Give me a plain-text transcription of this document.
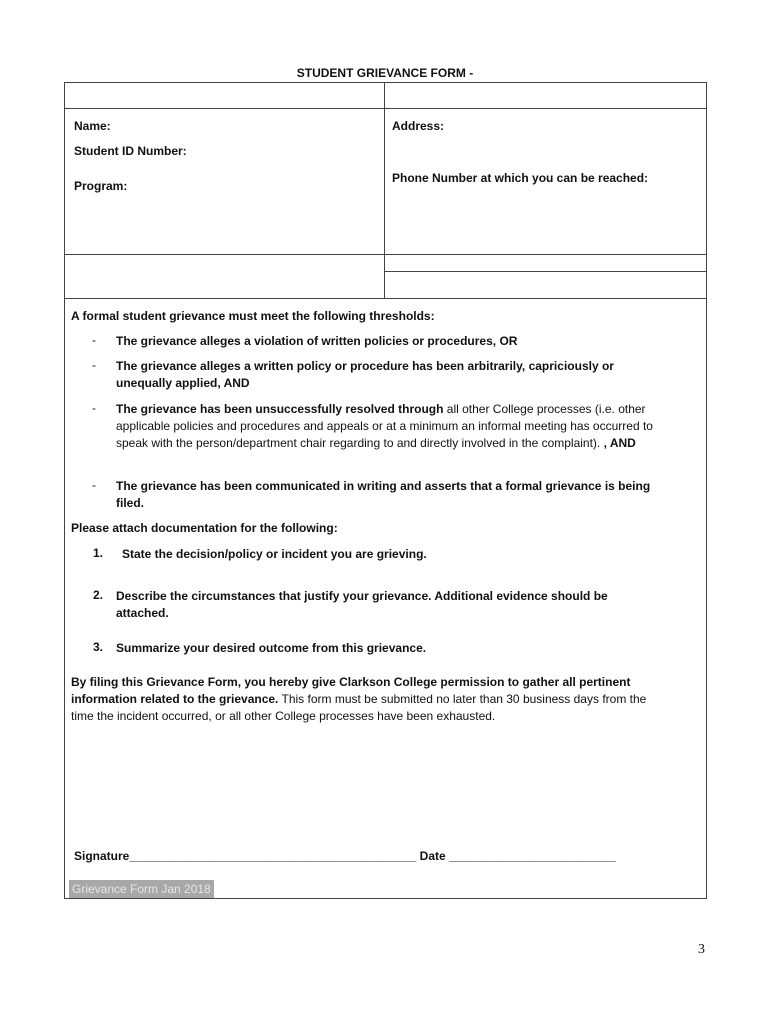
STUDENT GRIEVANCE FORM -
Name:
Student ID Number:
Program:
Address:
Phone Number at which you can be reached:
A formal student grievance must meet the following thresholds:
- The grievance alleges a violation of written policies or procedures, OR
- The grievance alleges a written policy or procedure has been arbitrarily, capriciously or unequally applied, AND
- The grievance has been unsuccessfully resolved through all other College processes (i.e. other applicable policies and procedures and appeals or at a minimum an informal meeting has occurred to speak with the person/department chair regarding to and directly involved in the complaint). , AND
- The grievance has been communicated in writing and asserts that a formal grievance is being filed.
Please attach documentation for the following:
1. State the decision/policy or incident you are grieving.
2. Describe the circumstances that justify your grievance. Additional evidence should be attached.
3. Summarize your desired outcome from this grievance.
By filing this Grievance Form, you hereby give Clarkson College permission to gather all pertinent information related to the grievance. This form must be submitted no later than 30 business days from the time the incident occurred, or all other College processes have been exhausted.
Signature___________________________________________ Date _________________________
Grievance Form Jan 2018
3
